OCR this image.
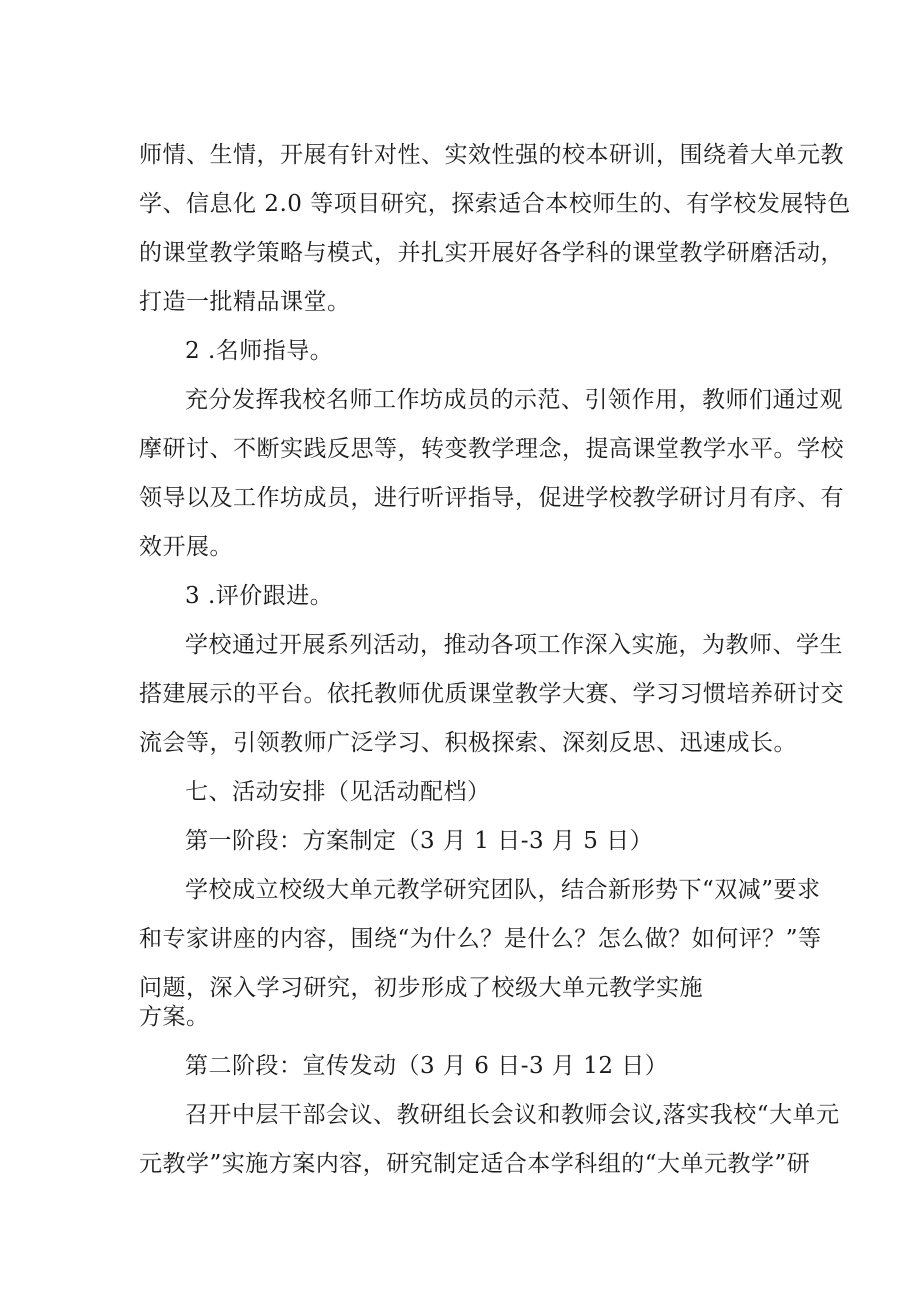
师情、生情，开展有针对性、实效性强的校本研训，围绕着大单元教
学、信息化 2.0 等项目研究，探索适合本校师生的、有学校发展特色
的课堂教学策略与模式，并扎实开展好各学科的课堂教学研磨活动，
打造一批精品课堂。
2 .名师指导。
充分发挥我校名师工作坊成员的示范、引领作用，教师们通过观
摩研讨、不断实践反思等，转变教学理念，提高课堂教学水平。学校
领导以及工作坊成员，进行听评指导，促进学校教学研讨月有序、有
效开展。
3 .评价跟进。
学校通过开展系列活动，推动各项工作深入实施，为教师、学生
搭建展示的平台。依托教师优质课堂教学大赛、学习习惯培养研讨交
流会等，引领教师广泛学习、积极探索、深刻反思、迅速成长。
七、活动安排（见活动配档）
第一阶段：方案制定（3 月 1 日-3 月 5 日）
学校成立校级大单元教学研究团队，结合新形势下“双减”要求
和专家讲座的内容，围绕“为什么？是什么？怎么做？如何评？”等
问题，深入学习研究，初步形成了校级大单元教学实施
方案。
第二阶段：宣传发动（3 月 6 日-3 月 12 日）
召开中层干部会议、教研组长会议和教师会议,落实我校“大单元
元教学”实施方案内容，研究制定适合本学科组的“大单元教学”研
